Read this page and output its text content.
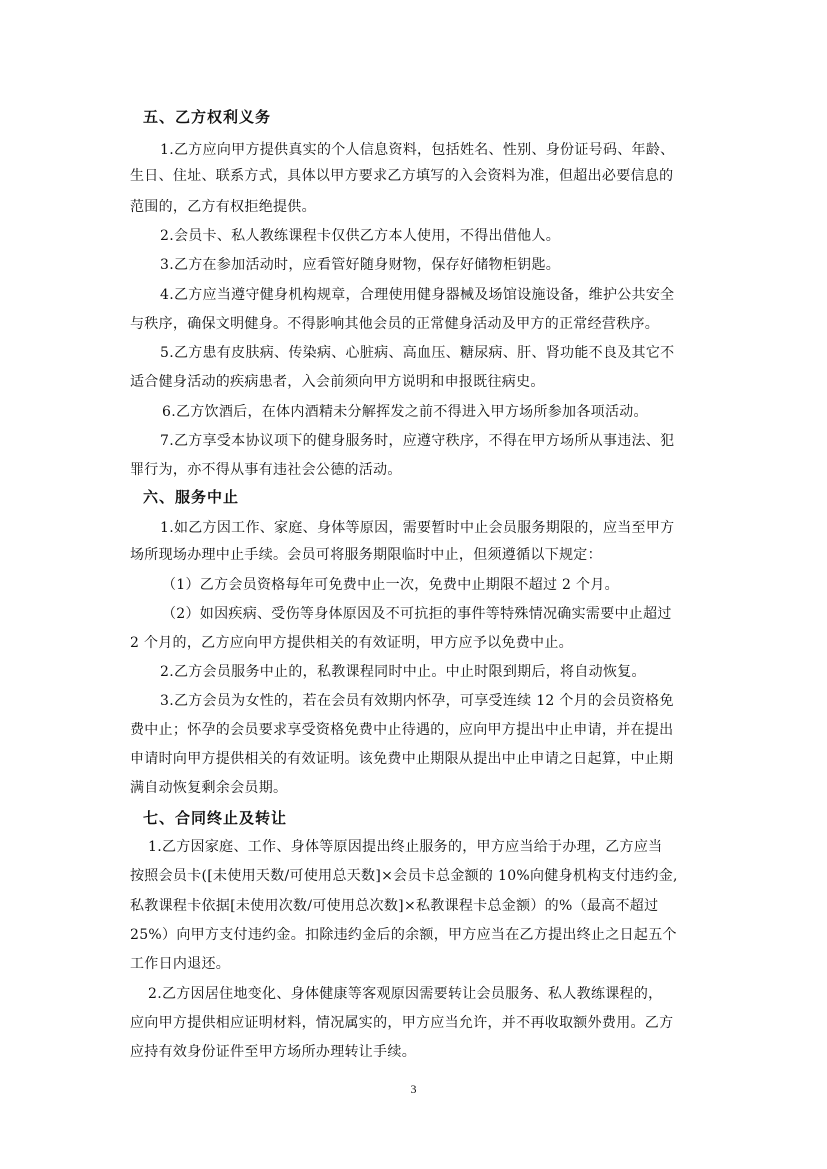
五、乙方权利义务
1.乙方应向甲方提供真实的个人信息资料，包括姓名、性别、身份证号码、年龄、
生日、住址、联系方式，具体以甲方要求乙方填写的入会资料为准，但超出必要信息的
范围的，乙方有权拒绝提供。
2.会员卡、私人教练课程卡仅供乙方本人使用，不得出借他人。
3.乙方在参加活动时，应看管好随身财物，保存好储物柜钥匙。
4.乙方应当遵守健身机构规章，合理使用健身器械及场馆设施设备，维护公共安全
与秩序，确保文明健身。不得影响其他会员的正常健身活动及甲方的正常经营秩序。
5.乙方患有皮肤病、传染病、心脏病、高血压、糖尿病、肝、肾功能不良及其它不
适合健身活动的疾病患者，入会前须向甲方说明和申报既往病史。
6.乙方饮酒后，在体内酒精未分解挥发之前不得进入甲方场所参加各项活动。
7.乙方享受本协议项下的健身服务时，应遵守秩序，不得在甲方场所从事违法、犯
罪行为，亦不得从事有违社会公德的活动。
六、服务中止
1.如乙方因工作、家庭、身体等原因，需要暂时中止会员服务期限的，应当至甲方
场所现场办理中止手续。会员可将服务期限临时中止，但须遵循以下规定：
（1）乙方会员资格每年可免费中止一次，免费中止期限不超过 2 个月。
（2）如因疾病、受伤等身体原因及不可抗拒的事件等特殊情况确实需要中止超过
2 个月的，乙方应向甲方提供相关的有效证明，甲方应予以免费中止。
2.乙方会员服务中止的，私教课程同时中止。中止时限到期后，将自动恢复。
3.乙方会员为女性的，若在会员有效期内怀孕，可享受连续 12 个月的会员资格免
费中止；怀孕的会员要求享受资格免费中止待遇的，应向甲方提出中止申请，并在提出
申请时向甲方提供相关的有效证明。该免费中止期限从提出中止申请之日起算，中止期
满自动恢复剩余会员期。
七、合同终止及转让
1.乙方因家庭、工作、身体等原因提出终止服务的，甲方应当给于办理，乙方应当
按照会员卡([未使用天数/可使用总天数]×会员卡总金额的 10%向健身机构支付违约金,
私教课程卡依据[未使用次数/可使用总次数]×私教课程卡总金额）的%（最高不超过
25%）向甲方支付违约金。扣除违约金后的余额，甲方应当在乙方提出终止之日起五个
工作日内退还。
2.乙方因居住地变化、身体健康等客观原因需要转让会员服务、私人教练课程的，
应向甲方提供相应证明材料，情况属实的，甲方应当允许，并不再收取额外费用。乙方
应持有效身份证件至甲方场所办理转让手续。
3
